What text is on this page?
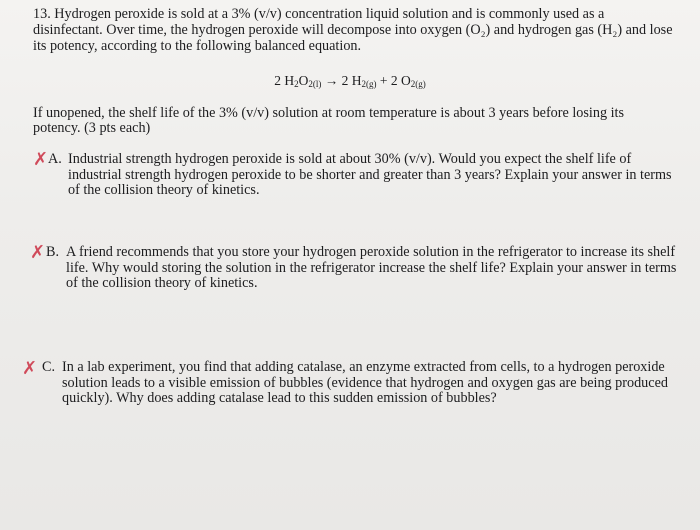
13. Hydrogen peroxide is sold at a 3% (v/v) concentration liquid solution and is commonly used as a disinfectant. Over time, the hydrogen peroxide will decompose into oxygen (O₂) and hydrogen gas (H₂) and lose its potency, according to the following balanced equation.
2 $H_2O_{2(l)} \to 2$ $H_{2(g)} + 2$ $O_{2(g)}$
If unopened, the shelf life of the 3% (v/v) solution at room temperature is about 3 years before losing its potency. (3 pts each)
✗ A. Industrial strength hydrogen peroxide is sold at about 30% (v/v). Would you expect the shelf life of industrial strength hydrogen peroxide to be shorter and greater than 3 years? Explain your answer in terms of the collision theory of kinetics.
✗ B. A friend recommends that you store your hydrogen peroxide solution in the refrigerator to increase its shelf life. Why would storing the solution in the refrigerator increase the shelf life? Explain your answer in terms of the collision theory of kinetics.
✗ C. In a lab experiment, you find that adding catalase, an enzyme extracted from cells, to a hydrogen peroxide solution leads to a visible emission of bubbles (evidence that hydrogen and oxygen gas are being produced quickly). Why does adding catalase lead to this sudden emission of bubbles?
